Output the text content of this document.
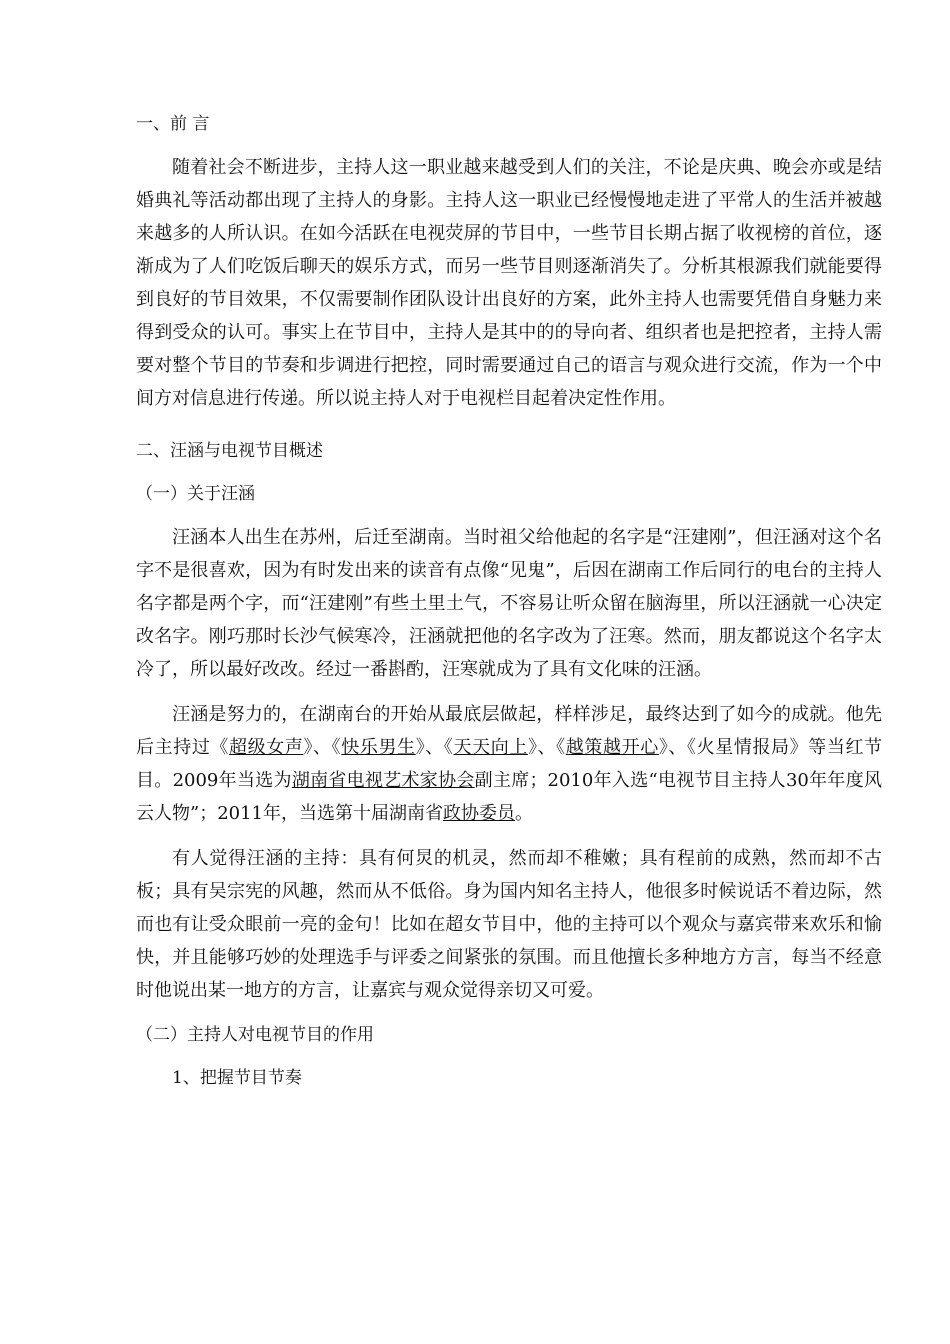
一、前 言

随着社会不断进步，主持人这一职业越来越受到人们的关注，不论是庆典、晚会亦或是结婚典礼等活动都出现了主持人的身影。主持人这一职业已经慢慢地走进了平常人的生活并被越来越多的人所认识。在如今活跃在电视荧屏的节目中，一些节目长期占据了收视榜的首位，逐渐成为了人们吃饭后聊天的娱乐方式，而另一些节目则逐渐消失了。分析其根源我们就能要得到良好的节目效果，不仅需要制作团队设计出良好的方案，此外主持人也需要凭借自身魅力来得到受众的认可。事实上在节目中，主持人是其中的的导向者、组织者也是把控者，主持人需要对整个节目的节奏和步调进行把控，同时需要通过自己的语言与观众进行交流，作为一个中间方对信息进行传递。所以说主持人对于电视栏目起着决定性作用。

二、汪涵与电视节目概述
（一）关于汪涵

汪涵本人出生在苏州，后迁至湖南。当时祖父给他起的名字是“汪建刚”，但汪涵对这个名字不是很喜欢，因为有时发出来的读音有点像“见鬼”，后因在湖南工作后同行的电台的主持人名字都是两个字，而“汪建刚”有些土里土气，不容易让听众留在脑海里，所以汪涵就一心决定改名字。刚巧那时长沙气候寒冷，汪涵就把他的名字改为了汪寒。然而，朋友都说这个名字太冷了，所以最好改改。经过一番斟酌，汪寒就成为了具有文化味的汪涵。

汪涵是努力的，在湖南台的开始从最底层做起，样样涉足，最终达到了如今的成就。他先后主持过《超级女声》、《快乐男生》、《天天向上》、《越策越开心》、《火星情报局》等当红节目。2009年当选为湖南省电视艺术家协会副主席；2010年入选“电视节目主持人30年年度风云人物”；2011年，当选第十届湖南省政协委员。

有人觉得汪涵的主持：具有何炅的机灵，然而却不稚嫩；具有程前的成熟，然而却不古板；具有吴宗宪的风趣，然而从不低俗。身为国内知名主持人，他很多时候说话不着边际，然而也有让受众眼前一亮的金句！比如在超女节目中，他的主持可以个观众与嘉宾带来欢乐和愉快，并且能够巧妙的处理选手与评委之间紧张的氛围。而且他擅长多种地方方言，每当不经意时他说出某一地方的方言，让嘉宾与观众觉得亲切又可爱。

（二）主持人对电视节目的作用
1、把握节目节奏
